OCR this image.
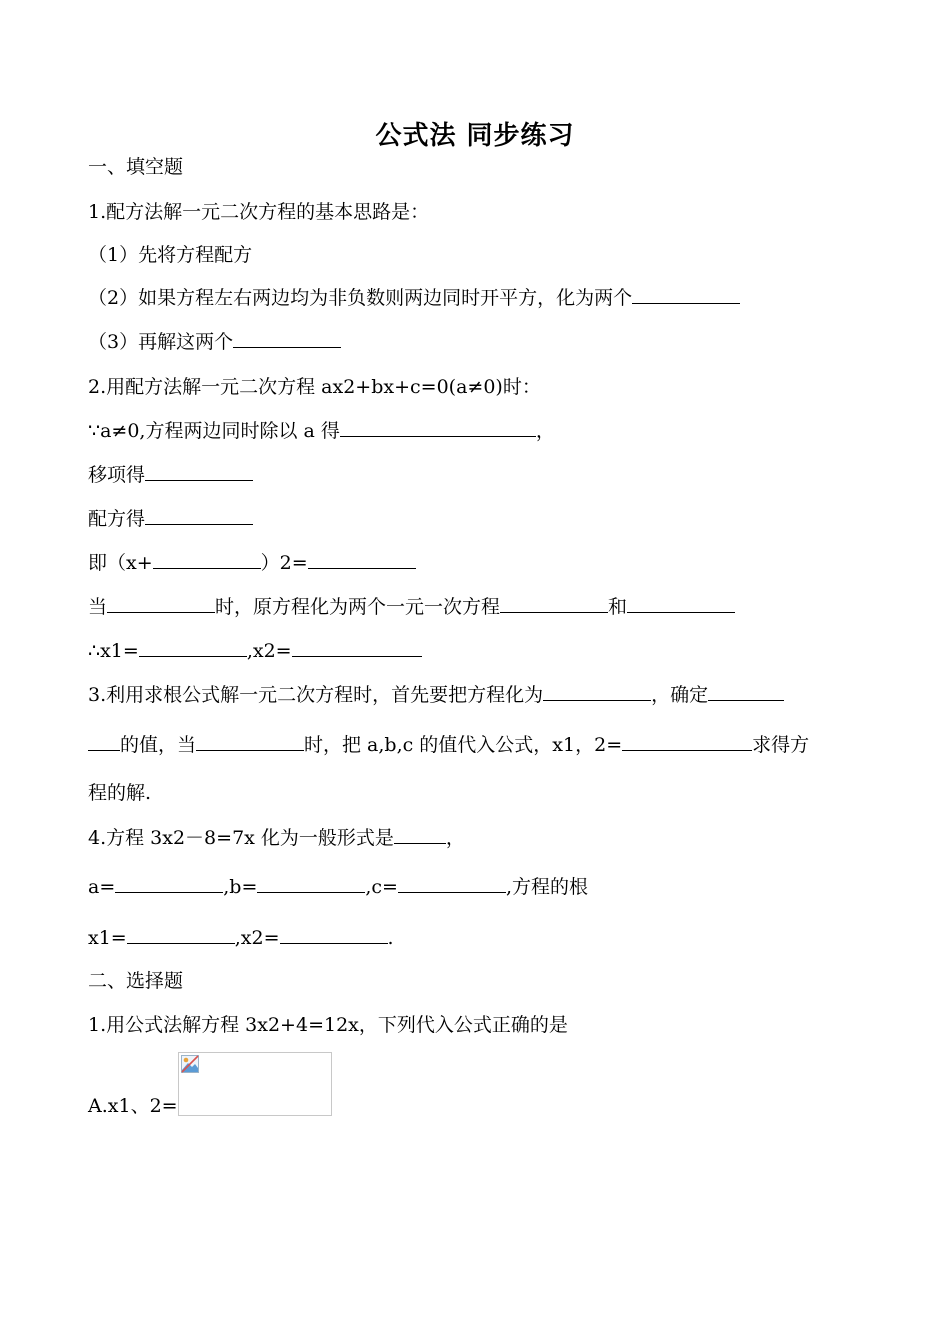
公式法 同步练习
一、填空题
1.配方法解一元二次方程的基本思路是：
（1）先将方程配方
（2）如果方程左右两边均为非负数则两边同时开平方，化为两个
（3）再解这两个
2.用配方法解一元二次方程 ax2+bx+c=0(a≠0)时：
∵a≠0,方程两边同时除以 a 得	，
移项得
配方得
即（x+	）2=
当	时，原方程化为两个一元一次方程	和
∴x1=	,x2=
3.利用求根公式解一元二次方程时，首先要把方程化为	，确定
的值，当	时，把 a,b,c 的值代入公式，x1，2=	求得方
程的解.
4.方程 3x2－8=7x 化为一般形式是	，
a=	,b=	,c=	,方程的根
x1=	,x2=	.
二、选择题
1.用公式法解方程 3x2+4=12x，下列代入公式正确的是
A.x1、2=
